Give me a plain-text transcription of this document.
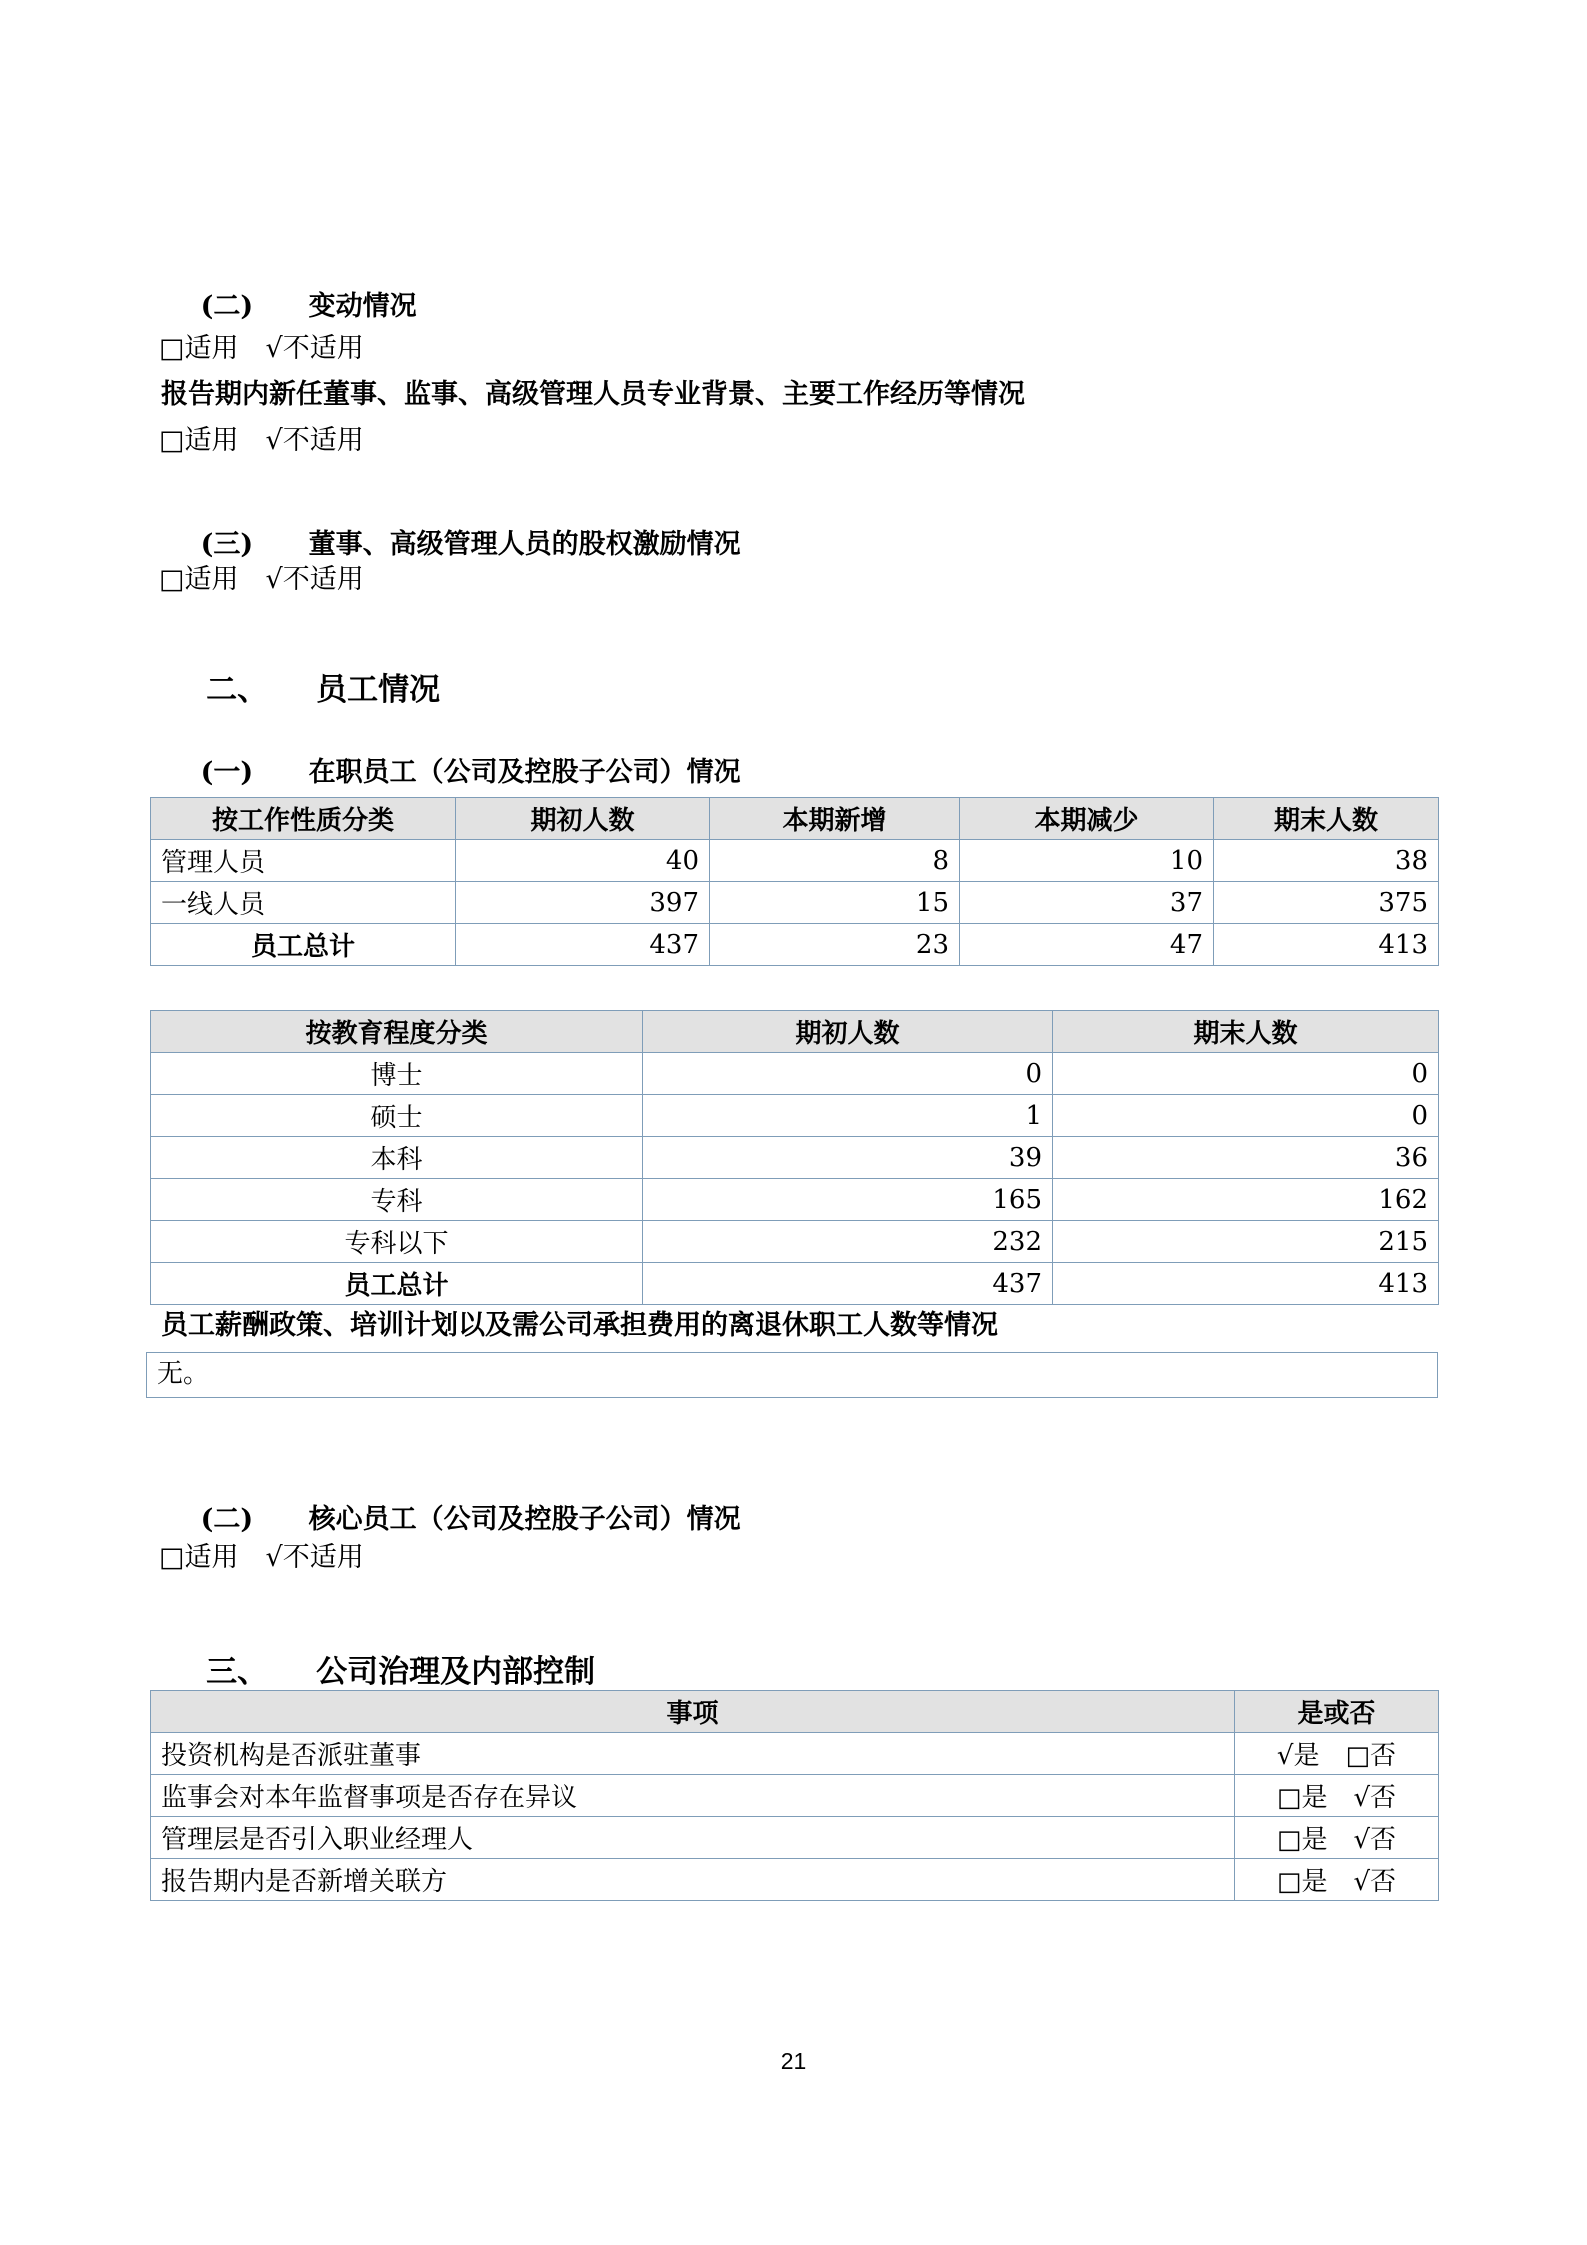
(二) 变动情况

□适用　√不适用
报告期内新任董事、监事、高级管理人员专业背景、主要工作经历等情况
□适用　√不适用

(三) 董事、高级管理人员的股权激励情况

□适用　√不适用

二、 员工情况

(一) 在职员工（公司及控股子公司）情况

按工作性质分类	期初人数	本期新增	本期减少	期末人数
管理人员	40	8	10	38
一线人员	397	15	37	375
员工总计	437	23	47	413
按教育程度分类	期初人数	期末人数
博士	0	0
硕士	1	0
本科	39	36
专科	165	162
专科以下	232	215
员工总计	437	413
员工薪酬政策、培训计划以及需公司承担费用的离退休职工人数等情况
无。

(二) 核心员工（公司及控股子公司）情况

□适用　√不适用

三、 公司治理及内部控制

事项	是或否
投资机构是否派驻董事	√是　□否
监事会对本年监督事项是否存在异议	□是　√否
管理层是否引入职业经理人	□是　√否
报告期内是否新增关联方	□是　√否
21
